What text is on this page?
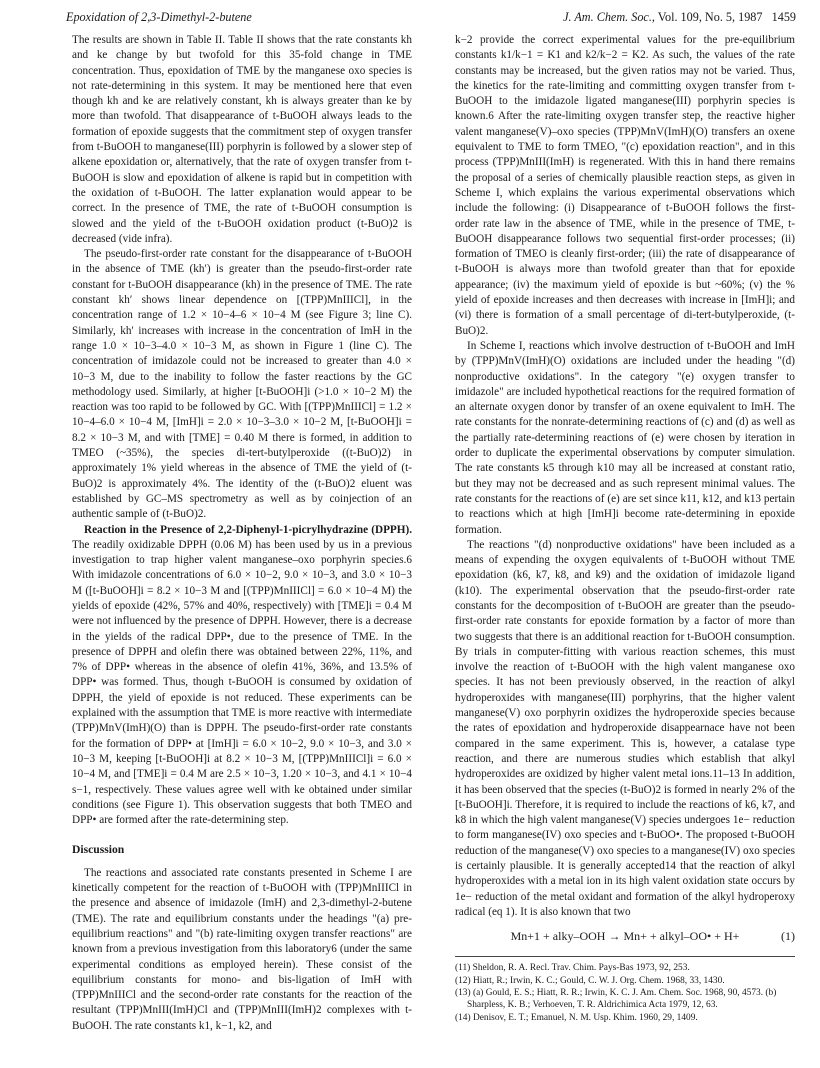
Epoxidation of 2,3-Dimethyl-2-butene	J. Am. Chem. Soc., Vol. 109, No. 5, 1987 1459

The results are shown in Table II. Table II shows that the rate constants kh and ke change by but twofold for this 35-fold change in TME concentration. Thus, epoxidation of TME by the manganese oxo species is not rate-determining in this system. It may be mentioned here that even though kh and ke are relatively constant, kh is always greater than ke by more than twofold. That disappearance of t-BuOOH always leads to the formation of epoxide suggests that the commitment step of oxygen transfer from t-BuOOH to manganese(III) porphyrin is followed by a slower step of alkene epoxidation or, alternatively, that the rate of oxygen transfer from t-BuOOH is slow and epoxidation of alkene is rapid but in competition with the oxidation of t-BuOOH. The latter explanation would appear to be correct. In the presence of TME, the rate of t-BuOOH consumption is slowed and the yield of the t-BuOOH oxidation product (t-BuO)2 is decreased (vide infra).

The pseudo-first-order rate constant for the disappearance of t-BuOOH in the absence of TME (kh′) is greater than the pseudo-first-order rate constant for t-BuOOH disappearance (kh) in the presence of TME. The rate constant kh′ shows linear dependence on [(TPP)MnIIICl], in the concentration range of 1.2 × 10−4–6 × 10−4 M (see Figure 3; line C). Similarly, kh′ increases with increase in the concentration of ImH in the range 1.0 × 10−3–4.0 × 10−3 M, as shown in Figure 1 (line C). The concentration of imidazole could not be increased to greater than 4.0 × 10−3 M, due to the inability to follow the faster reactions by the GC methodology used. Similarly, at higher [t-BuOOH]i (>1.0 × 10−2 M) the reaction was too rapid to be followed by GC. With [(TPP)MnIIICl] = 1.2 × 10−4–6.0 × 10−4 M, [ImH]i = 2.0 × 10−3–3.0 × 10−2 M, [t-BuOOH]i = 8.2 × 10−3 M, and with [TME] = 0.40 M there is formed, in addition to TMEO (~35%), the species di-tert-butylperoxide ((t-BuO)2) in approximately 1% yield whereas in the absence of TME the yield of (t-BuO)2 is approximately 4%. The identity of the (t-BuO)2 eluent was established by GC–MS spectrometry as well as by coinjection of an authentic sample of (t-BuO)2.

Reaction in the Presence of 2,2-Diphenyl-1-picrylhydrazine (DPPH). The readily oxidizable DPPH (0.06 M) has been used by us in a previous investigation to trap higher valent manganese–oxo porphyrin species.6 With imidazole concentrations of 6.0 × 10−2, 9.0 × 10−3, and 3.0 × 10−3 M ([t-BuOOH]i = 8.2 × 10−3 M and [(TPP)MnIIICl] = 6.0 × 10−4 M) the yields of epoxide (42%, 57% and 40%, respectively) with [TME]i = 0.4 M were not influenced by the presence of DPPH. However, there is a decrease in the yields of the radical DPP•, due to the presence of TME. In the presence of DPPH and olefin there was obtained between 22%, 11%, and 7% of DPP• whereas in the absence of olefin 41%, 36%, and 13.5% of DPP• was formed. Thus, though t-BuOOH is consumed by oxidation of DPPH, the yield of epoxide is not reduced. These experiments can be explained with the assumption that TME is more reactive with intermediate (TPP)MnV(ImH)(O) than is DPPH. The pseudo-first-order rate constants for the formation of DPP• at [ImH]i = 6.0 × 10−2, 9.0 × 10−3, and 3.0 × 10−3 M, keeping [t-BuOOH]i at 8.2 × 10−3 M, [(TPP)MnIIICl]i = 6.0 × 10−4 M, and [TME]i = 0.4 M are 2.5 × 10−3, 1.20 × 10−3, and 4.1 × 10−4 s−1, respectively. These values agree well with ke obtained under similar conditions (see Figure 1). This observation suggests that both TMEO and DPP• are formed after the rate-determining step.

Discussion

The reactions and associated rate constants presented in Scheme I are kinetically competent for the reaction of t-BuOOH with (TPP)MnIIICl in the presence and absence of imidazole (ImH) and 2,3-dimethyl-2-butene (TME). The rate and equilibrium constants under the headings "(a) pre-equilibrium reactions" and "(b) rate-limiting oxygen transfer reactions" are known from a previous investigation from this laboratory6 (under the same experimental conditions as employed herein). These consist of the equilibrium constants for mono- and bis-ligation of ImH with (TPP)MnIIICl and the second-order rate constants for the reaction of the resultant (TPP)MnIII(ImH)Cl and (TPP)MnIII(ImH)2 complexes with t-BuOOH. The rate constants k1, k−1, k2, and

k−2 provide the correct experimental values for the pre-equilibrium constants k1/k−1 = K1 and k2/k−2 = K2. As such, the values of the rate constants may be increased, but the given ratios may not be varied. Thus, the kinetics for the rate-limiting and committing oxygen transfer from t-BuOOH to the imidazole ligated manganese(III) porphyrin species is known.6 After the rate-limiting oxygen transfer step, the reactive higher valent manganese(V)–oxo species (TPP)MnV(ImH)(O) transfers an oxene equivalent to TME to form TMEO, "(c) epoxidation reaction", and in this process (TPP)MnIII(ImH) is regenerated. With this in hand there remains the proposal of a series of chemically plausible reaction steps, as given in Scheme I, which explains the various experimental observations which include the following: (i) Disappearance of t-BuOOH follows the first-order rate law in the absence of TME, while in the presence of TME, t-BuOOH disappearance follows two sequential first-order processes; (ii) formation of TMEO is cleanly first-order; (iii) the rate of disappearance of t-BuOOH is always more than twofold greater than that for epoxide appearance; (iv) the maximum yield of epoxide is but ~60%; (v) the % yield of epoxide increases and then decreases with increase in [ImH]i; and (vi) there is formation of a small percentage of di-tert-butylperoxide, (t-BuO)2.

In Scheme I, reactions which involve destruction of t-BuOOH and ImH by (TPP)MnV(ImH)(O) oxidations are included under the heading "(d) nonproductive oxidations". In the category "(e) oxygen transfer to imidazole" are included hypothetical reactions for the required formation of an alternate oxygen donor by transfer of an oxene equivalent to ImH. The rate constants for the nonrate-determining reactions of (c) and (d) as well as the partially rate-determining reactions of (e) were chosen by iteration in order to duplicate the experimental observations by computer simulation. The rate constants k5 through k10 may all be increased at constant ratio, but they may not be decreased and as such represent minimal values. The rate constants for the reactions of (e) are set since k11, k12, and k13 pertain to reactions which at high [ImH]i become rate-determining in epoxide formation.

The reactions "(d) nonproductive oxidations" have been included as a means of expending the oxygen equivalents of t-BuOOH without TME epoxidation (k6, k7, k8, and k9) and the oxidation of imidazole ligand (k10). The experimental observation that the pseudo-first-order rate constants for the decomposition of t-BuOOH are greater than the pseudo-first-order rate constants for epoxide formation by a factor of more than two suggests that there is an additional reaction for t-BuOOH consumption. By trials in computer-fitting with various reaction schemes, this must involve the reaction of t-BuOOH with the high valent manganese oxo species. It has not been previously observed, in the reaction of alkyl hydroperoxides with manganese(III) porphyrins, that the higher valent manganese(V) oxo porphyrin oxidizes the hydroperoxide species because the rates of epoxidation and hydroperoxide disappearnace have not been compared in the same experiment. This is, however, a catalase type reaction, and there are numerous studies which establish that alkyl hydroperoxides are oxidized by higher valent metal ions.11–13 In addition, it has been observed that the species (t-BuO)2 is formed in nearly 2% of the [t-BuOOH]i. Therefore, it is required to include the reactions of k6, k7, and k8 in which the high valent manganese(V) species undergoes 1e− reduction to form manganese(IV) oxo species and t-BuOO•. The proposed t-BuOOH reduction of the manganese(V) oxo species to a manganese(IV) oxo species is certainly plausible. It is generally accepted14 that the reaction of alkyl hydroperoxides with a metal ion in its high valent oxidation state occurs by 1e− reduction of the metal oxidant and formation of the alkyl hydroperoxy radical (eq 1). It is also known that two

Mn+1 + alky–OOH → Mn+ + alkyl–OO• + H+	(1)

(11) Sheldon, R. A. Recl. Trav. Chim. Pays-Bas 1973, 92, 253.

(12) Hiatt, R.; Irwin, K. C.; Gould, C. W. J. Org. Chem. 1968, 33, 1430.

(13) (a) Gould, E. S.; Hiatt, R. R.; Irwin, K. C. J. Am. Chem. Soc. 1968, 90, 4573. (b) Sharpless, K. B.; Verhoeven, T. R. Aldrichimica Acta 1979, 12, 63.

(14) Denisov, E. T.; Emanuel, N. M. Usp. Khim. 1960, 29, 1409.
